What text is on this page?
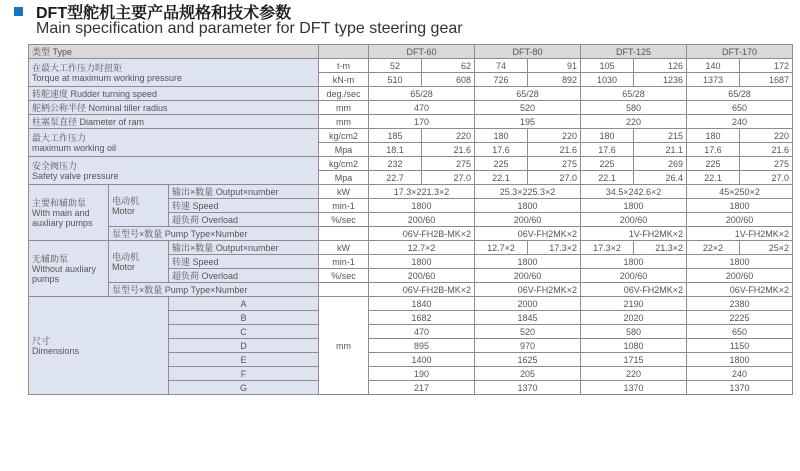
DFT型舵机主要产品规格和技术参数
Main specification and parameter for DFT type steering gear
类型 Type				DFT-60		DFT-80		DFT-125		DFT-170	

在最大工作压力时扭矩
Torque at maximum working pressure			t-m	52	62	74	91	105	126	140	172
			kN-m	510	608	726	892	1030	1236	1373	1687
转舵速度 Rudder turning speed			deg./sec	65/28		65/28		65/28		65/28	
舵柄公称半径 Nominal tiller radius			mm	470		520		580		650	
柱塞泵直径 Diameter of ram			mm	170		195		220		240	

最大工作压力
maximum working oil			kg/cm2	185	220	180	220	180	215	180	220
			Mpa	18.1	21.6	17.6	21.6	17.6	21.1	17.6	21.6

安全阀压力
Safety valve pressure			kg/cm2	232	275	225	275	225	269	225	275
			Mpa	22.7	27.0	22.1	27.0	22.1	26.4	22.1	27.0

主要和辅助泵
With main and auxliary pumps	电动机
Motor	输出×数量 Output×number	kW	17.3×221.3×2		25.3×225.3×2		34.5×242.6×2		45×250×2	
		转速 Speed	min-1	1800		1800		1800		1800	
		超负荷 Overload	%/sec	200/60		200/60		200/60		200/60	
	泵型号×数量 Pump Type×Number			06V-FH2B-MK×2		06V-FH2MK×2		1V-FH2MK×2		1V-FH2MK×2	

无辅助泵
Without auxliary pumps	电动机
Motor	输出×数量 Output×number	kW	12.7×2		12.7×2	17.3×2	17.3×2	21.3×2	22×2	25×2
		转速 Speed	min-1	1800		1800		1800		1800	
		超负荷 Overload	%/sec	200/60		200/60		200/60		200/60	
	泵型号×数量 Pump Type×Number			06V-FH2B-MK×2		06V-FH2MK×2		06V-FH2MK×2		06V-FH2MK×2	

尺寸
Dimensions		A	mm	1840		2000		2190		2380	
		B		1682		1845		2020		2225	
		C		470		520		580		650	
		D		895		970		1080		1150	
		E		1400		1625		1715		1800	
		F		190		205		220		240	
		G		217		1370		1370		1370	
